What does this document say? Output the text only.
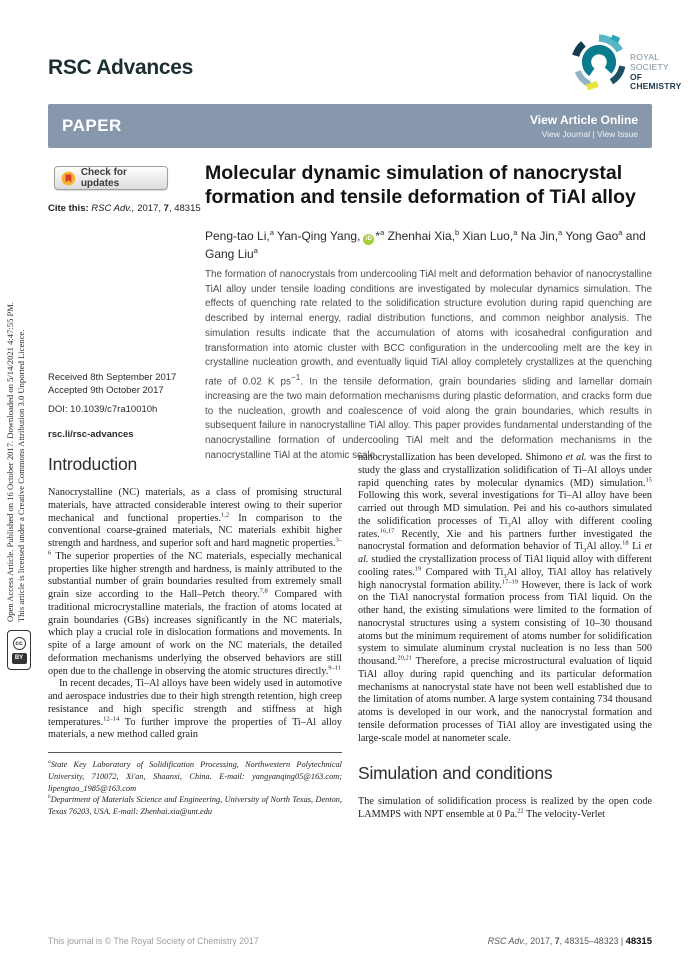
RSC Advances	ROYAL SOCIETY
OF CHEMISTRY
PAPER	View Article Online
View Journal | View Issue
Check for updates
Cite this: RSC Adv., 2017, 7, 48315
Received 8th September 2017
Accepted 9th October 2017
DOI: 10.1039/c7ra10010h
rsc.li/rsc-advances
Molecular dynamic simulation of nanocrystal formation and tensile deformation of TiAl alloy
Peng-tao Li,$^a$ Yan-Qing Yang, iD *$^a$ Zhenhai Xia,$^b$ Xian Luo,$^a$ Na Jin,$^a$ Yong Gao$^a$ and Gang Liu$^a$
The formation of nanocrystals from undercooling TiAl melt and deformation behavior of nanocrystalline TiAl alloy under tensile loading conditions are investigated by molecular dynamics simulation. The effects of quenching rate related to the solidification structure evolution during rapid quenching are described by internal energy, radial distribution functions, and common neighbor analysis. The simulation results indicate that the accumulation of atoms with icosahedral configuration and transformation into atomic cluster with BCC configuration in the undercooling melt are the key in crystalline nucleation growth, and eventually liquid TiAl alloy completely crystallizes at the quenching rate of 0.02 K $ps^{-1}$. In the tensile deformation, grain boundaries sliding and lamellar domain increasing are the two main deformation mechanisms during plastic deformation, and cracks form due to the nucleation, growth and coalescence of void along the grain boundaries, which results in subsequent failure in nanocrystalline TiAl alloy. This paper provides fundamental understanding of the nanocrystalline formation of undercooling TiAl melt and the deformation mechanisms in the nanocrystalline TiAl at the atomic scale.
Introduction

Nanocrystalline (NC) materials, as a class of promising structural materials, have attracted considerable interest owing to their superior mechanical and functional properties.$^{1,2}$ In comparison to the conventional coarse-grained materials, NC materials exhibit higher strength and hardness, and superior soft and hard magnetic properties.$^{3-6}$ The superior properties of the NC materials, especially mechanical properties like higher strength and hardness, is mainly attributed to the substantial number of grain boundaries resulted from extremely small grain size according to the Hall–Petch theory.$^{7,8}$ Compared with traditional microcrystalline materials, the fraction of atoms located at grain boundaries (GBs) increases significantly in the NC materials, which play a crucial role in dislocation formations and movements. In spite of a large amount of work on the NC materials, the detailed deformation mechanisms underlying the observed behaviors are still open due to the challenge in observing the atomic structures directly.$^{9-11}$

In recent decades, Ti–Al alloys have been widely used in automotive and aerospace industries due to their high strength retention, high creep resistance and high specific strength and stiffness at high temperatures.$^{12-14}$ To further improve the properties of Ti–Al alloy materials, a new method called grain

$^a$State Key Laboratory of Solidification Processing, Northwestern Polytechnical University, 710072, Xi'an, Shaanxi, China. E-mail: yangyanqing05@163.com; lipengtao_1985@163.com

$^b$Department of Materials Science and Engineering, University of North Texas, Denton, Texas 76203, USA. E-mail: Zhenhai.xia@unt.edu

nanocrystallization has been developed. Shimono et al. was the first to study the glass and crystallization solidification of Ti–Al alloys under rapid quenching rates by molecular dynamics (MD) simulation.$^{15}$ Following this work, several investigations for Ti–Al alloy have been carried out through MD simulation. Pei and his co-authors simulated the solidification processes of $Ti_3Al$ alloy with different cooling rates.$^{16,17}$ Recently, Xie and his partners further investigated the nanocrystal formation and deformation behavior of $Ti_3Al$ alloy.$^{18}$ Li et al. studied the crystallization process of TiAl liquid alloy with different cooling rates.$^{19}$ Compared with $Ti_3Al$ alloy, TiAl alloy has relatively high nanocrystal formation ability.$^{17-19}$ However, there is lack of work on the TiAl nanocrystal formation process from TiAl liquid. On the other hand, the existing simulations were limited to the formation of nanocrystal structures using a system consisting of 10–30 thousand atoms but the minimum requirement of atoms number for solidification system to simulate aluminum crystal nucleation is no less than 500 thousand.$^{20,21}$ Therefore, a precise microstructural evaluation of liquid TiAl alloy during rapid quenching and its particular deformation mechanisms at nanocrystal state have not been well established due to the limitation of atoms number. A large system containing 734 thousand atoms is developed in our work, and the nanocrystal formation and tensile deformation processes of TiAl alloy are investigated using the large-scale model at nanometer scale.

Simulation and conditions

The simulation of solidification process is realized by the open code LAMMPS with NPT ensemble at 0 Pa.$^{22}$ The velocity-Verlet

This journal is © The Royal Society of Chemistry 2017	RSC Adv., 2017, 7, 48315–48323 | 48315
Open Access Article. Published on 16 October 2017. Downloaded on 5/14/2021 4:47:55 PM. This article is licensed under a Creative Commons Attribution 3.0 Unported Licence.
cc
BY
